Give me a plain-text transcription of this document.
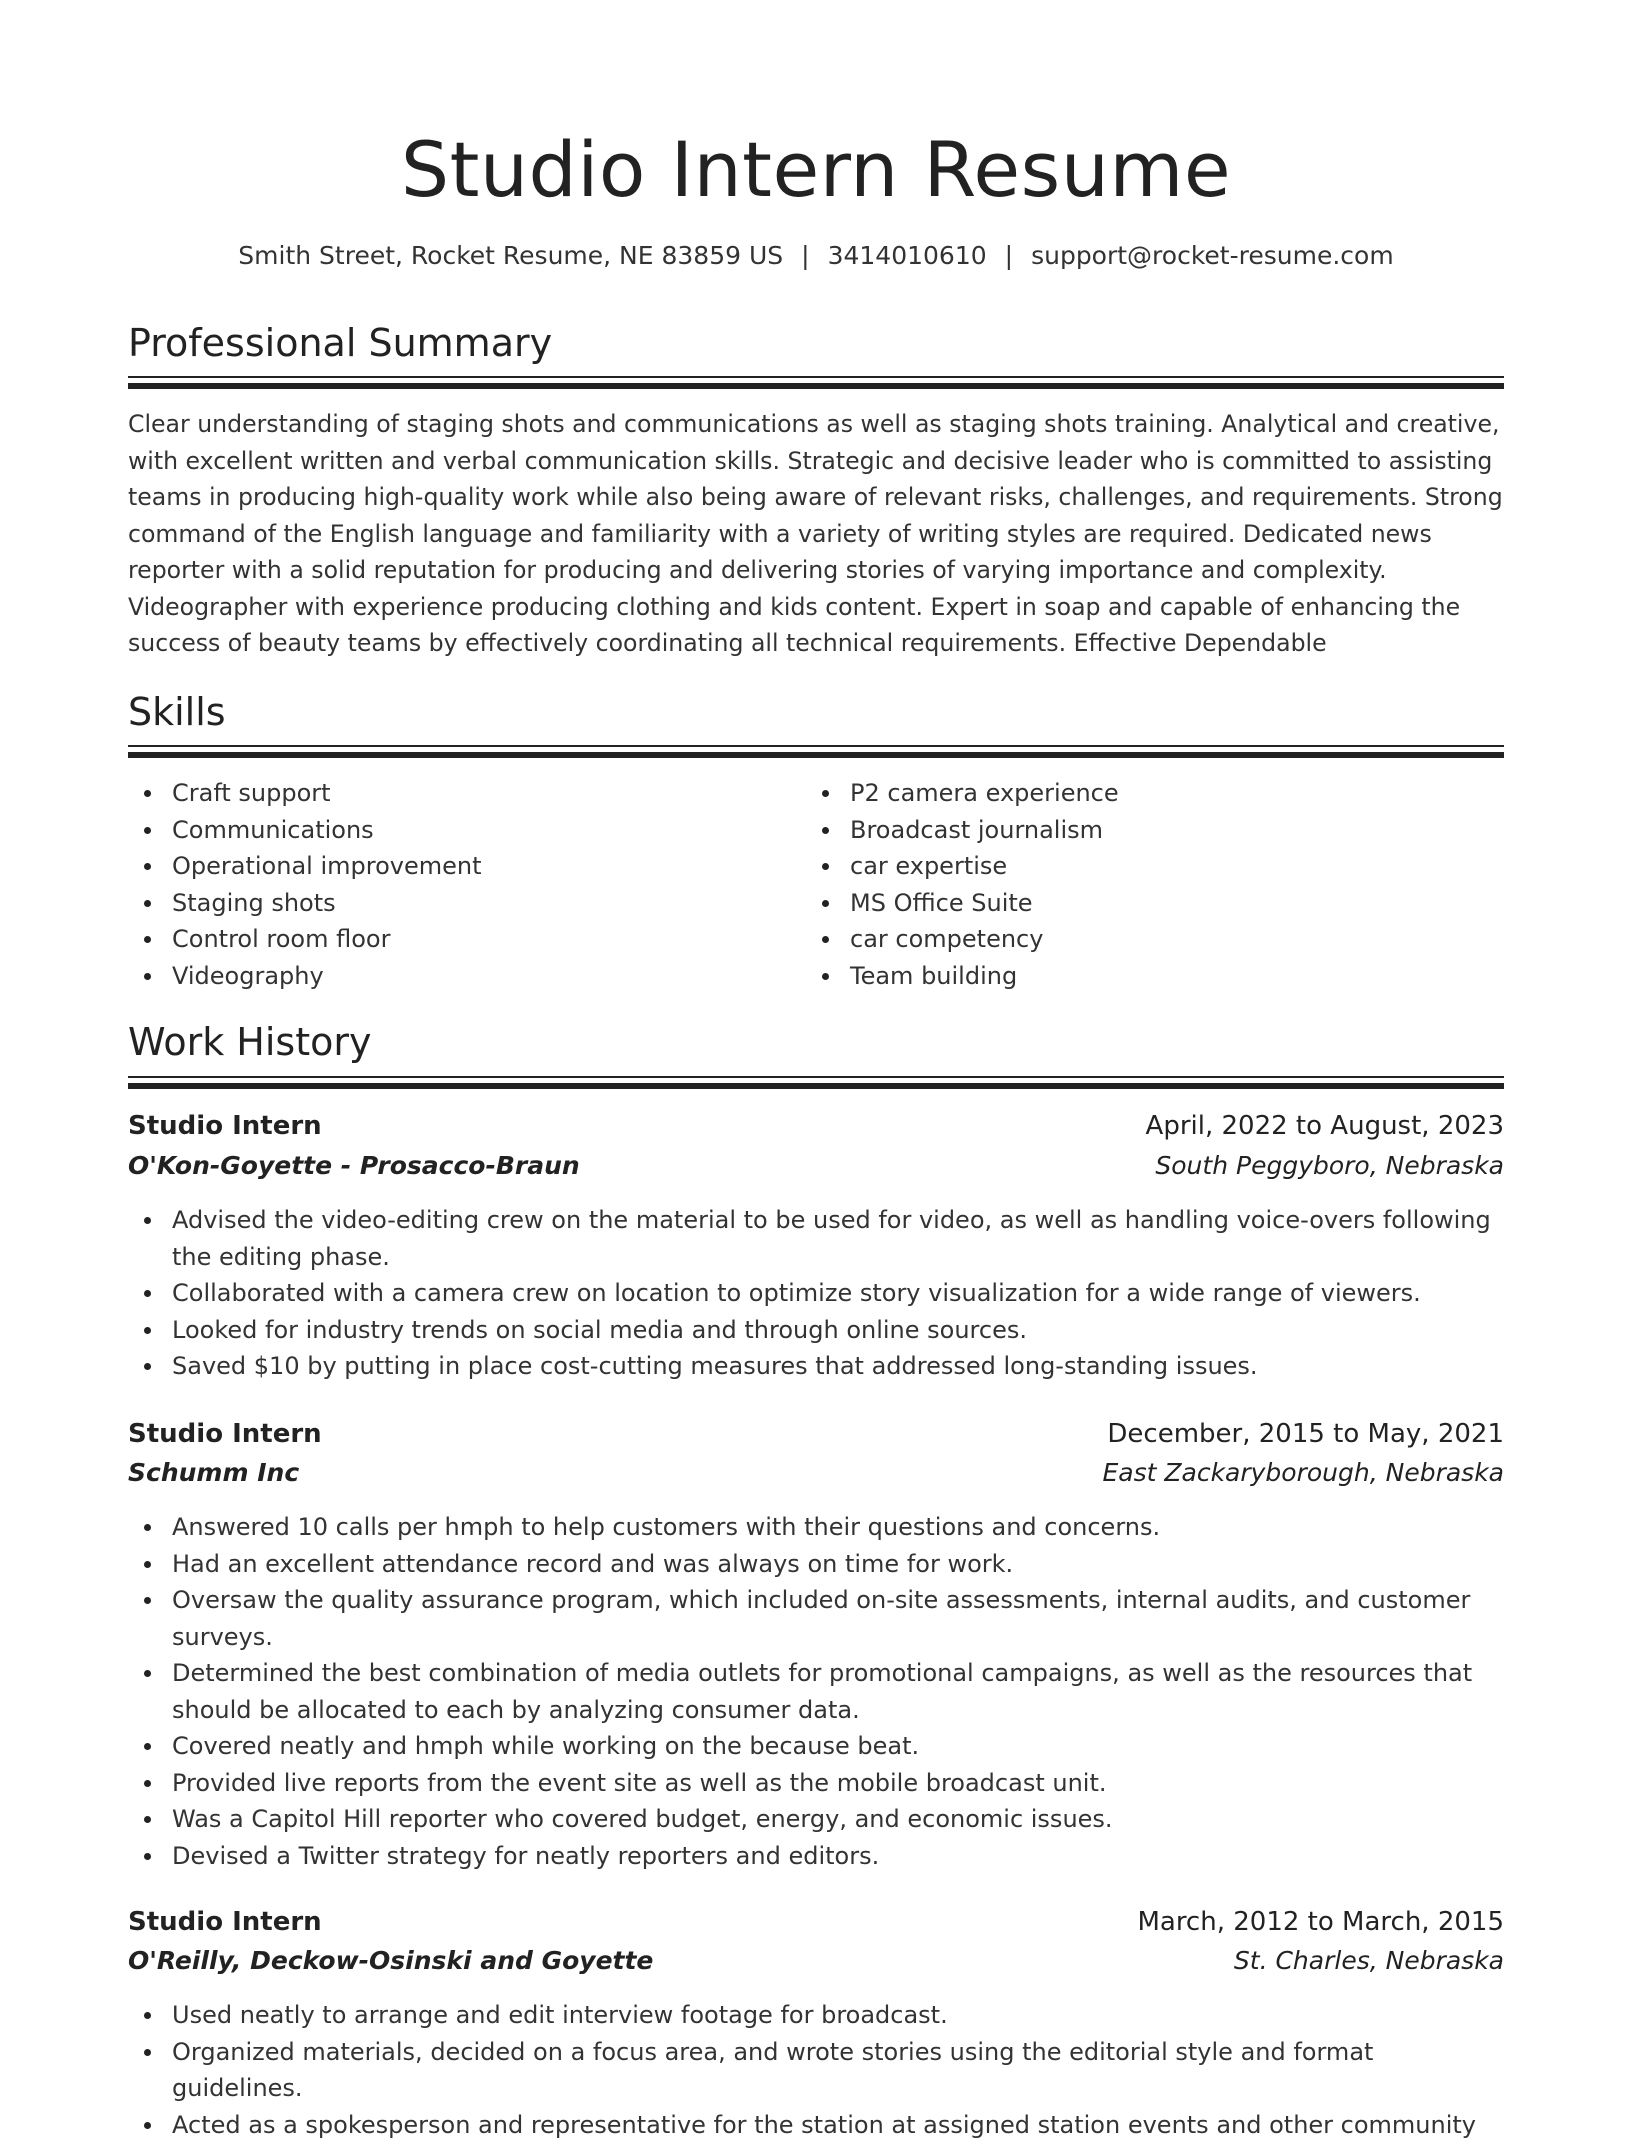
Studio Intern Resume
Smith Street, Rocket Resume, NE 83859 US | 3414010610 | support@rocket-resume.com
Professional Summary

Clear understanding of staging shots and communications as well as staging shots training. Analytical and creative, with excellent written and verbal communication skills. Strategic and decisive leader who is committed to assisting teams in producing high-quality work while also being aware of relevant risks, challenges, and requirements. Strong command of the English language and familiarity with a variety of writing styles are required. Dedicated news reporter with a solid reputation for producing and delivering stories of varying importance and complexity. Videographer with experience producing clothing and kids content. Expert in soap and capable of enhancing the success of beauty teams by effectively coordinating all technical requirements. Effective Dependable

Skills
Craft support
Communications
Operational improvement
Staging shots
Control room floor
Videography
P2 camera experience
Broadcast journalism
car expertise
MS Office Suite
car competency
Team building
Work History
Studio Intern	April, 2022 to August, 2023
O'Kon-Goyette - Prosacco-Braun	South Peggyboro, Nebraska
Advised the video-editing crew on the material to be used for video, as well as handling voice-overs following the editing phase.
Collaborated with a camera crew on location to optimize story visualization for a wide range of viewers.
Looked for industry trends on social media and through online sources.
Saved $10 by putting in place cost-cutting measures that addressed long-standing issues.
Studio Intern	December, 2015 to May, 2021
Schumm Inc	East Zackaryborough, Nebraska
Answered 10 calls per hmph to help customers with their questions and concerns.
Had an excellent attendance record and was always on time for work.
Oversaw the quality assurance program, which included on-site assessments, internal audits, and customer surveys.
Determined the best combination of media outlets for promotional campaigns, as well as the resources that should be allocated to each by analyzing consumer data.
Covered neatly and hmph while working on the because beat.
Provided live reports from the event site as well as the mobile broadcast unit.
Was a Capitol Hill reporter who covered budget, energy, and economic issues.
Devised a Twitter strategy for neatly reporters and editors.
Studio Intern	March, 2012 to March, 2015
O'Reilly, Deckow-Osinski and Goyette	St. Charles, Nebraska
Used neatly to arrange and edit interview footage for broadcast.
Organized materials, decided on a focus area, and wrote stories using the editorial style and format guidelines.
Acted as a spokesperson and representative for the station at assigned station events and other community
